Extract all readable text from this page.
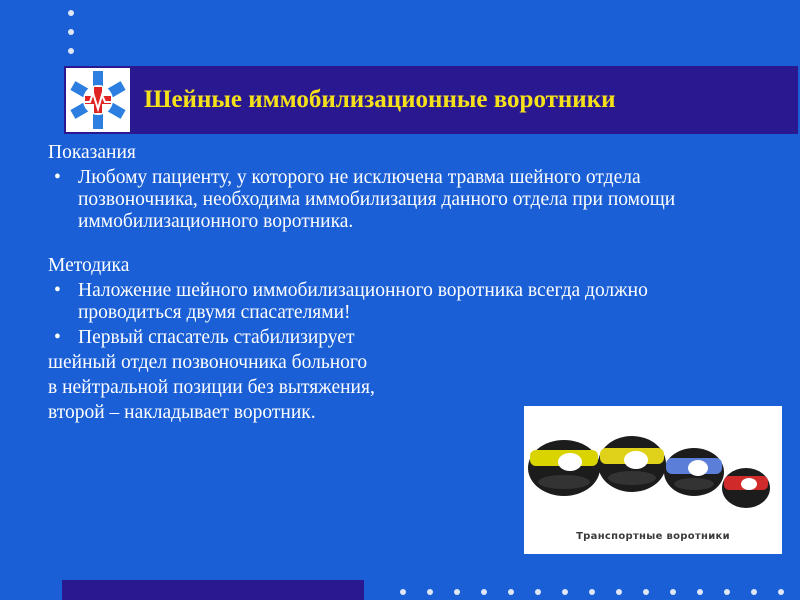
Шейные иммобилизационные воротники

Показания

• Любому пациенту, у которого не исключена травма шейного отдела позвоночника, необходима иммобилизация данного отдела при помощи иммобилизационного воротника.

Методика

• Наложение шейного иммобилизационного воротника всегда должно проводиться двумя спасателями!
• Первый спасатель стабилизирует

шейный отдел позвоночника больного

в нейтральной позиции без вытяжения,

второй – накладывает воротник.

Транспортные воротники
